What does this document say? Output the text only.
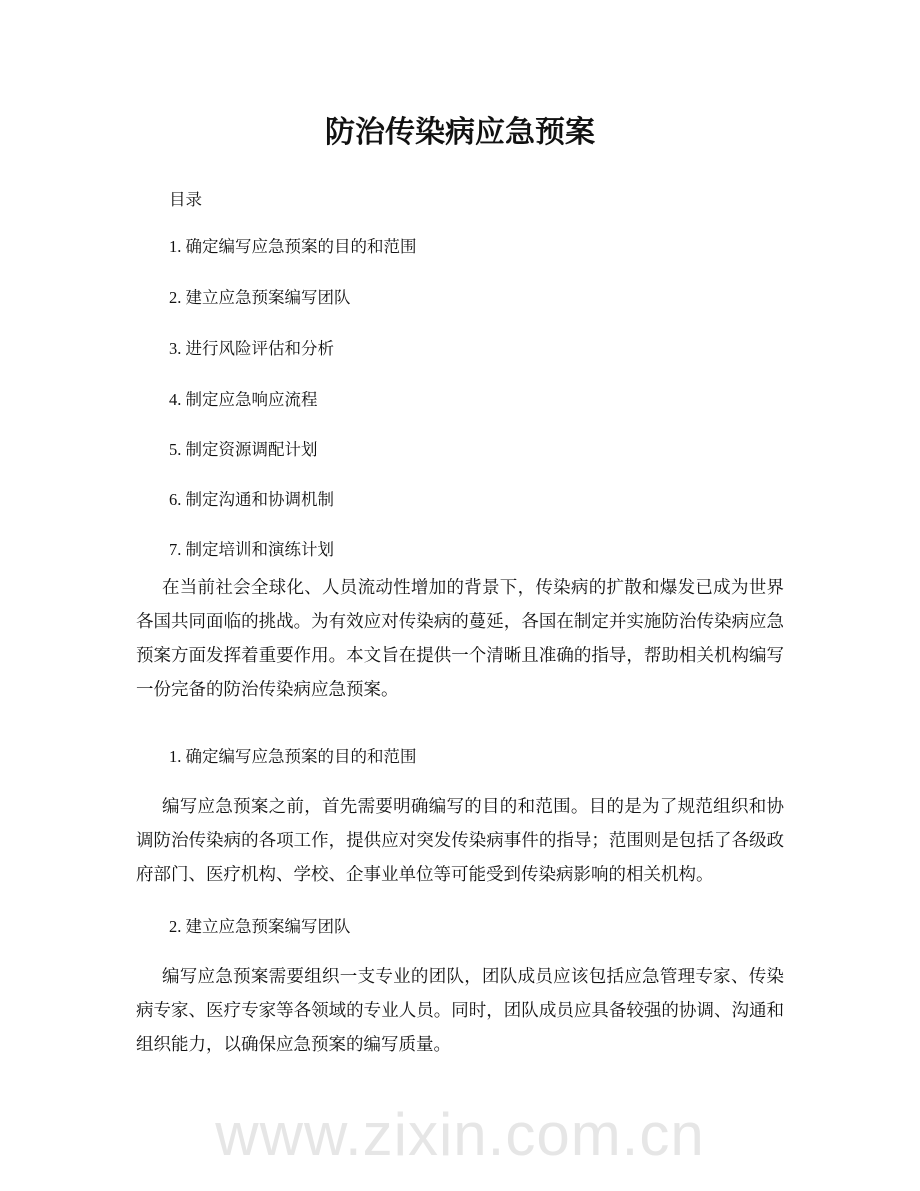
防治传染病应急预案
目录
1. 确定编写应急预案的目的和范围
2. 建立应急预案编写团队
3. 进行风险评估和分析
4. 制定应急响应流程
5. 制定资源调配计划
6. 制定沟通和协调机制
7. 制定培训和演练计划
在当前社会全球化、人员流动性增加的背景下，传染病的扩散和爆发已成为世界各国共同面临的挑战。为有效应对传染病的蔓延，各国在制定并实施防治传染病应急预案方面发挥着重要作用。本文旨在提供一个清晰且准确的指导，帮助相关机构编写一份完备的防治传染病应急预案。
1. 确定编写应急预案的目的和范围
编写应急预案之前，首先需要明确编写的目的和范围。目的是为了规范组织和协调防治传染病的各项工作，提供应对突发传染病事件的指导；范围则是包括了各级政府部门、医疗机构、学校、企事业单位等可能受到传染病影响的相关机构。
2. 建立应急预案编写团队
编写应急预案需要组织一支专业的团队，团队成员应该包括应急管理专家、传染病专家、医疗专家等各领域的专业人员。同时，团队成员应具备较强的协调、沟通和组织能力，以确保应急预案的编写质量。
www.zixin.com.cn
